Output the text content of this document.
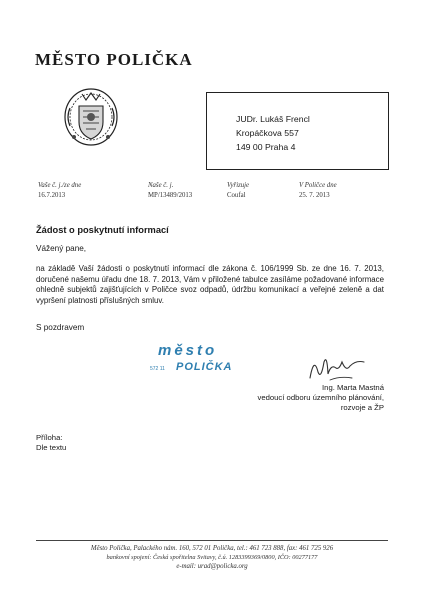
MĚSTO POLIČKA
JUDr. Lukáš Frencl
Kropáčkova 557
149 00 Praha 4
Vaše č. j./ze dne
16.7.2013
Naše č. j.
MP/13489/2013
Vyřizuje
Coufal
V Poličce dne
25. 7. 2013
Žádost o poskytnutí informací
Vážený pane,
na základě Vaší žádosti o poskytnutí informací dle zákona č. 106/1999 Sb. ze dne 16. 7. 2013, doručené našemu úřadu dne 18. 7. 2013, Vám v přiložené tabulce zasíláme požadované informace ohledně subjektů zajišťujících v Poličce svoz odpadů, údržbu komunikací a veřejné zeleně a dat vypršení platnosti příslušných smluv.
S pozdravem
město
572 11 POLIČKA
Ing. Marta Mastná
vedoucí odboru územního plánování,
rozvoje a ŽP
Příloha:
Dle textu
Město Polička, Palackého nám. 160, 572 01 Polička, tel.: 461 723 888, fax: 461 725 926
bankovní spojení: Česká spořitelna Svitavy, č.ú. 1283399369/0800, IČO: 00277177
e-mail: urad@policka.org
